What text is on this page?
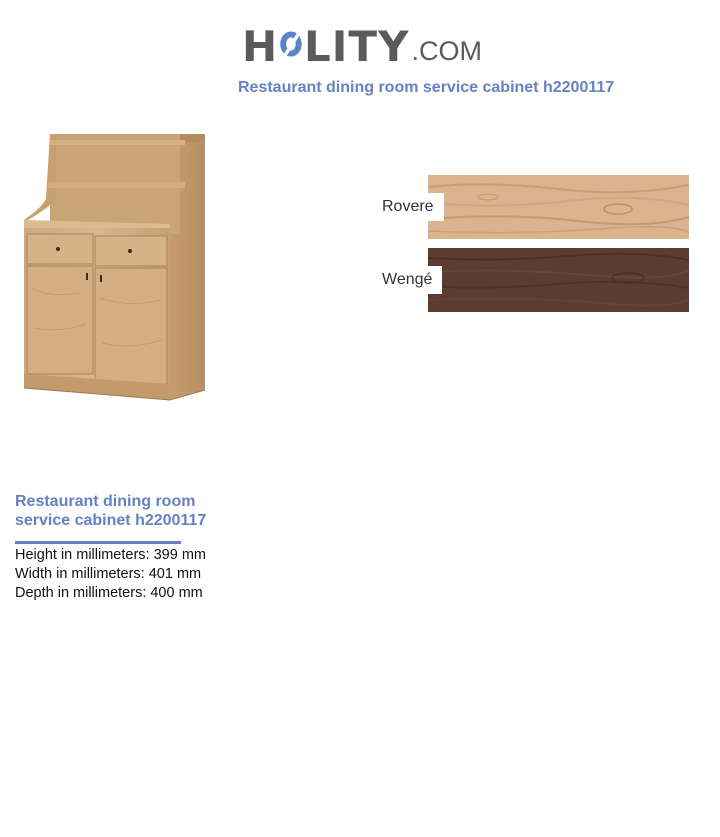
H LITY .COM
Restaurant dining room service cabinet h2200117
Rovere
Wengé
Restaurant dining room service cabinet h2200117
Height in millimeters: 399 mm
Width in millimeters: 401 mm
Depth in millimeters: 400 mm
